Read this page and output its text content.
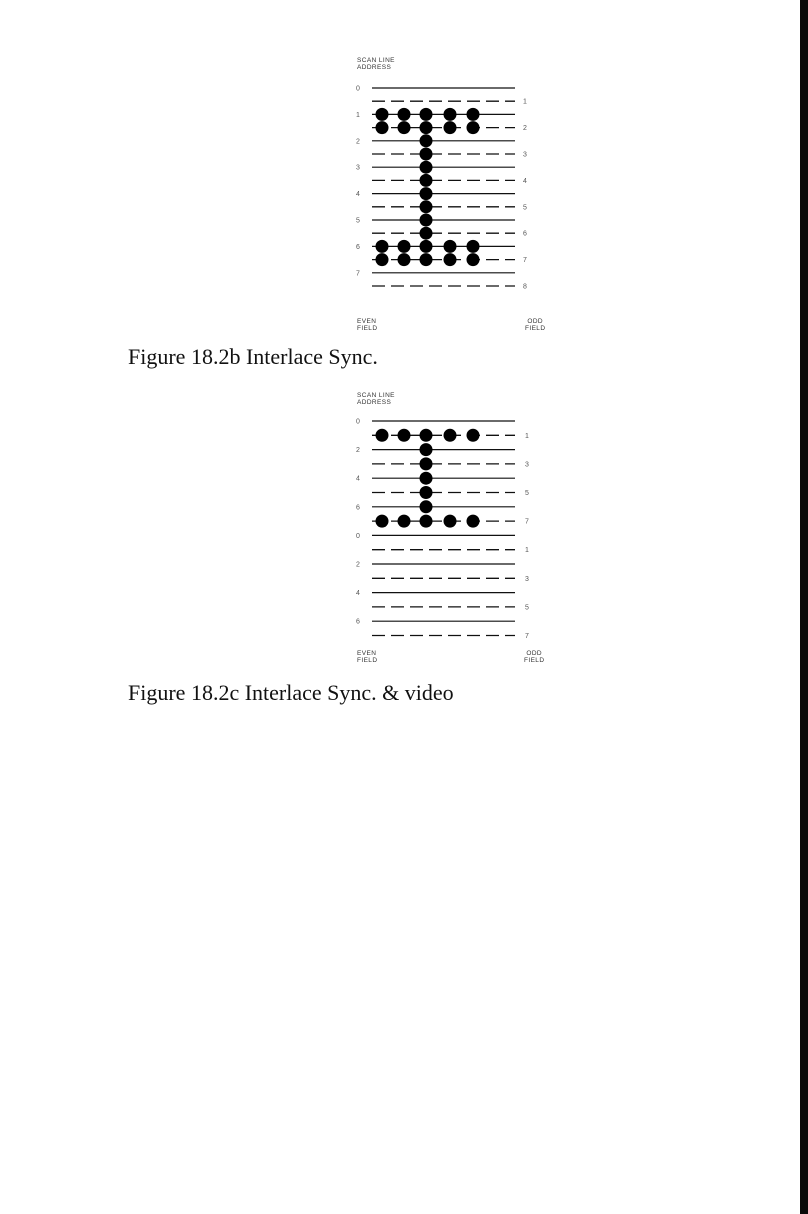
SCAN LINE
ADDRESS
0
1
1
2
2
3
3
4
4
5
5
6
6
7
7
8
EVEN
FIELD
ODD
FIELD
Figure 18.2b Interlace Sync.
SCAN LINE
ADDRESS
0
1
2
3
4
5
6
7
0
1
2
3
4
5
6
7
EVEN
FIELD
ODD
FIELD
Figure 18.2c Interlace Sync. & video
